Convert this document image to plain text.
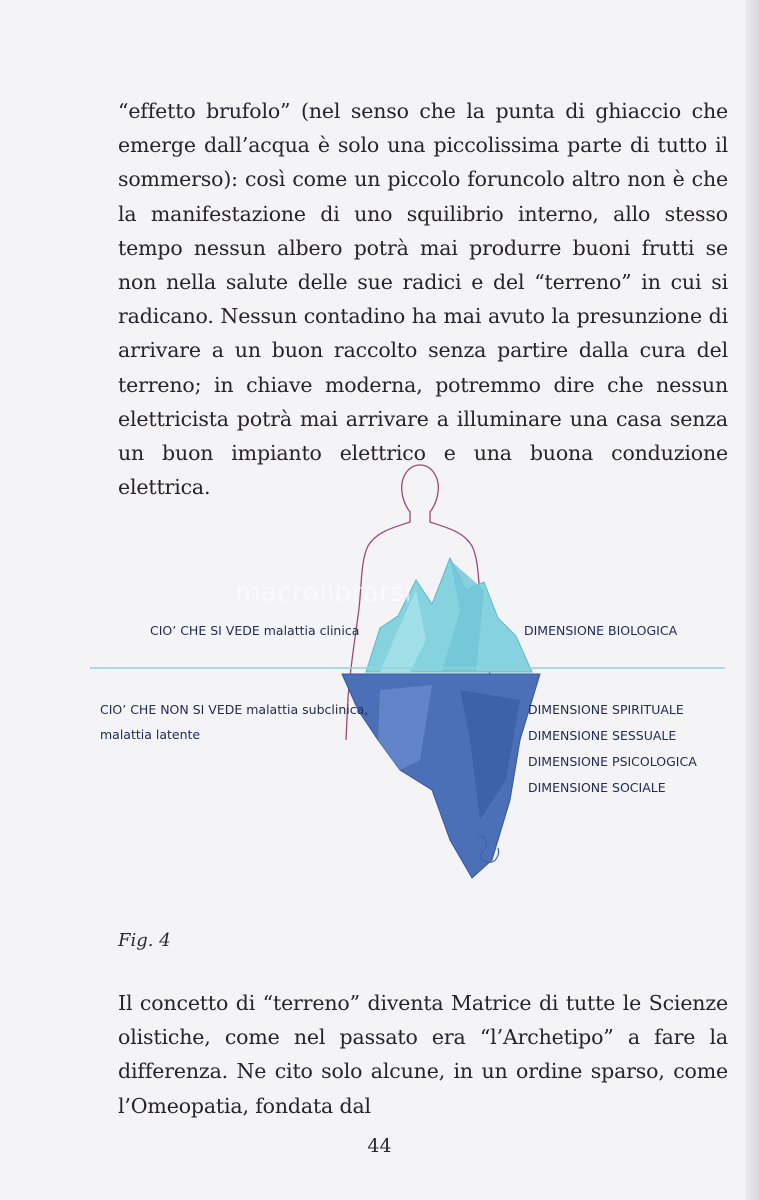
“effetto brufolo” (nel senso che la punta di ghiaccio che emerge dall’acqua è solo una piccolissima parte di tutto il sommerso): così come un piccolo foruncolo altro non è che la manifestazione di uno squilibrio interno, allo stesso tempo nessun albero potrà mai produrre buoni frutti se non nella salute delle sue radici e del “terreno” in cui si radicano. Nessun contadino ha mai avuto la presunzione di arrivare a un buon raccolto senza partire dalla cura del terreno; in chiave moderna, potremmo dire che nessun elettricista potrà mai arrivare a illuminare una casa senza un buon impianto elettrico e una buona conduzione elettrica.

CIO’ CHE SI VEDE malattia clinica	DIMENSIONE BIOLOGICA
CIO’ CHE NON SI VEDE malattia subclinica,
malattia latente
DIMENSIONE SPIRITUALE
DIMENSIONE SESSUALE
DIMENSIONE PSICOLOGICA
DIMENSIONE SOCIALE
macrolibrarsi
Fig. 4

Il concetto di “terreno” diventa Matrice di tutte le Scienze olistiche, come nel passato era “l’Archetipo” a fare la differenza. Ne cito solo alcune, in un ordine sparso, come l’Omeopatia, fondata dal

44
